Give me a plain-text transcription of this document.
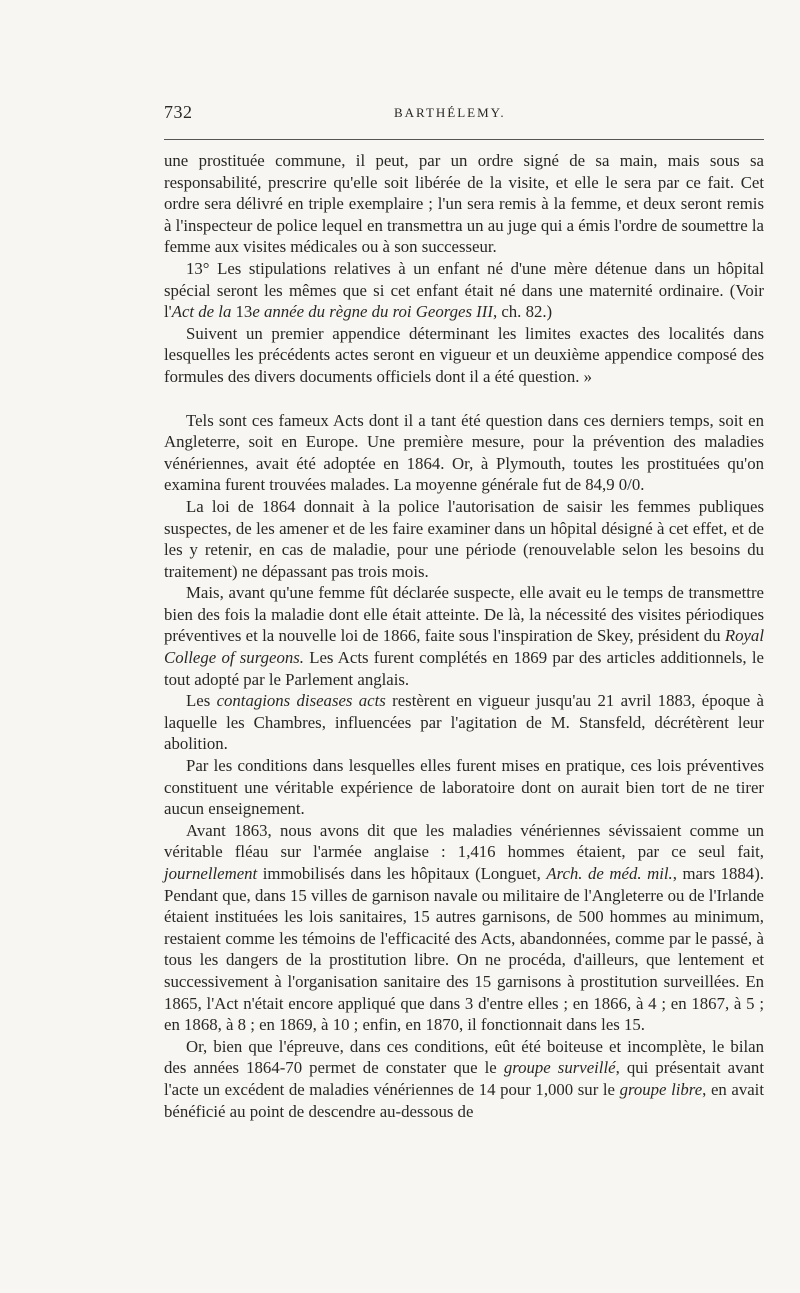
732	BARTHÉLEMY.

une prostituée commune, il peut, par un ordre signé de sa main, mais sous sa responsabilité, prescrire qu'elle soit libérée de la visite, et elle le sera par ce fait. Cet ordre sera délivré en triple exemplaire ; l'un sera remis à la femme, et deux seront remis à l'inspecteur de police lequel en transmettra un au juge qui a émis l'ordre de soumettre la femme aux visites médicales ou à son successeur.

13° Les stipulations relatives à un enfant né d'une mère détenue dans un hôpital spécial seront les mêmes que si cet enfant était né dans une maternité ordinaire. (Voir l'Act de la 13e année du règne du roi Georges III, ch. 82.)

Suivent un premier appendice déterminant les limites exactes des localités dans lesquelles les précédents actes seront en vigueur et un deuxième appendice composé des formules des divers documents officiels dont il a été question. »

Tels sont ces fameux Acts dont il a tant été question dans ces derniers temps, soit en Angleterre, soit en Europe. Une première mesure, pour la prévention des maladies vénériennes, avait été adoptée en 1864. Or, à Plymouth, toutes les prostituées qu'on examina furent trouvées malades. La moyenne générale fut de 84,9 0/0.

La loi de 1864 donnait à la police l'autorisation de saisir les femmes publiques suspectes, de les amener et de les faire examiner dans un hôpital désigné à cet effet, et de les y retenir, en cas de maladie, pour une période (renouvelable selon les besoins du traitement) ne dépassant pas trois mois.

Mais, avant qu'une femme fût déclarée suspecte, elle avait eu le temps de transmettre bien des fois la maladie dont elle était atteinte. De là, la nécessité des visites périodiques préventives et la nouvelle loi de 1866, faite sous l'inspiration de Skey, président du Royal College of surgeons. Les Acts furent complétés en 1869 par des articles additionnels, le tout adopté par le Parlement anglais.

Les contagions diseases acts restèrent en vigueur jusqu'au 21 avril 1883, époque à laquelle les Chambres, influencées par l'agitation de M. Stansfeld, décrétèrent leur abolition.

Par les conditions dans lesquelles elles furent mises en pratique, ces lois préventives constituent une véritable expérience de laboratoire dont on aurait bien tort de ne tirer aucun enseignement.

Avant 1863, nous avons dit que les maladies vénériennes sévissaient comme un véritable fléau sur l'armée anglaise : 1,416 hommes étaient, par ce seul fait, journellement immobilisés dans les hôpitaux (Longuet, Arch. de méd. mil., mars 1884). Pendant que, dans 15 villes de garnison navale ou militaire de l'Angleterre ou de l'Irlande étaient instituées les lois sanitaires, 15 autres garnisons, de 500 hommes au minimum, restaient comme les témoins de l'efficacité des Acts, abandonnées, comme par le passé, à tous les dangers de la prostitution libre. On ne procéda, d'ailleurs, que lentement et successivement à l'organisation sanitaire des 15 garnisons à prostitution surveillées. En 1865, l'Act n'était encore appliqué que dans 3 d'entre elles ; en 1866, à 4 ; en 1867, à 5 ; en 1868, à 8 ; en 1869, à 10 ; enfin, en 1870, il fonctionnait dans les 15.

Or, bien que l'épreuve, dans ces conditions, eût été boiteuse et incomplète, le bilan des années 1864-70 permet de constater que le groupe surveillé, qui présentait avant l'acte un excédent de maladies vénériennes de 14 pour 1,000 sur le groupe libre, en avait bénéficié au point de descendre au-dessous de
